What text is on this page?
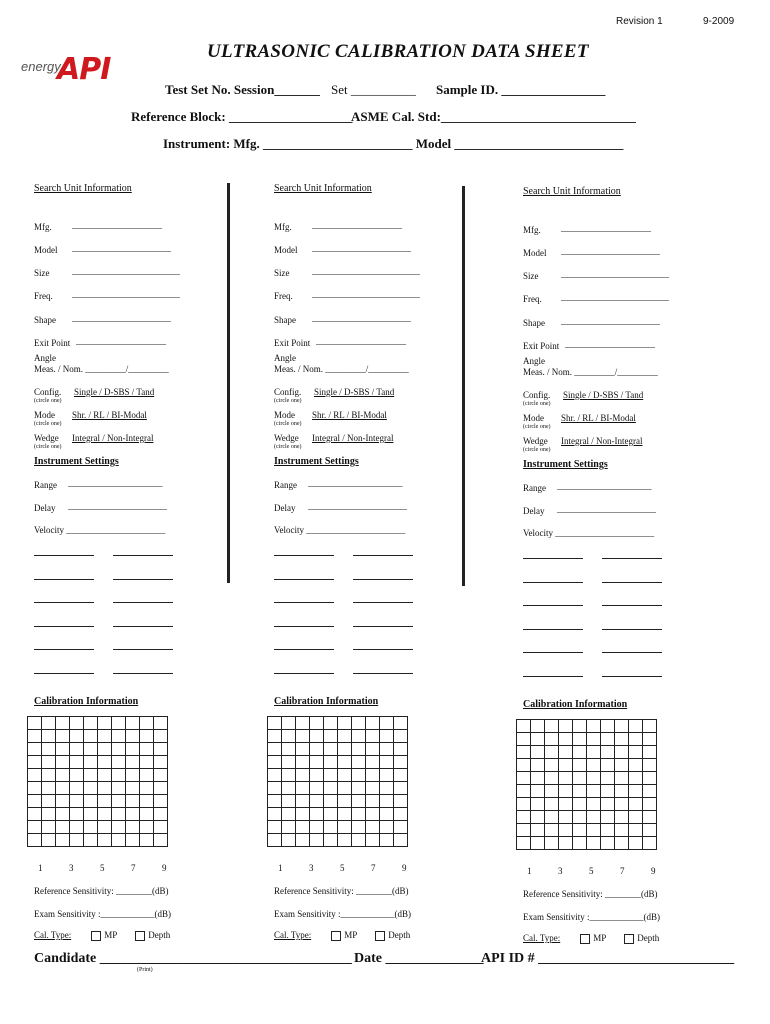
Revision 1	9-2009
energy
API
ULTRASONIC CALIBRATION DATA SHEET
Test Set No. Session_______ Set __________ Sample ID. ________________
Reference Block: ___________________
ASME Cal. Std:______________________________
Instrument: Mfg. _______________________ Model __________________________
Search Unit Information
Mfg. ____________________
Model ______________________
Size	________________________
Freq. ________________________
Shape ______________________
Exit Point ____________________
Angle
Meas. / Nom. _________/_________
Config. Single / D-SBS / Tand
(circle one)
Mode Shr. / RL / BI-Modal
(circle one)
Wedge Integral / Non-Integral
(circle one)
Instrument Settings
Range _____________________
Delay ______________________
Velocity ______________________
Calibration Information

1	3	5	7	9
Reference Sensitivity: ________(dB)
Exam Sensitivity :____________(dB)
Cal. Type:	MP	Depth
Search Unit Information
Mfg. ____________________
Model ______________________
Size	________________________
Freq. ________________________
Shape ______________________
Exit Point ____________________
Angle
Meas. / Nom. _________/_________
Config. Single / D-SBS / Tand
(circle one)
Mode Shr. / RL / BI-Modal
(circle one)
Wedge Integral / Non-Integral
(circle one)
Instrument Settings
Range _____________________
Delay ______________________
Velocity ______________________
Calibration Information

1	3	5	7	9
Reference Sensitivity: ________(dB)
Exam Sensitivity :____________(dB)
Cal. Type:	MP	Depth
Search Unit Information
Mfg. ____________________
Model ______________________
Size	________________________
Freq. ________________________
Shape ______________________
Exit Point ____________________
Angle
Meas. / Nom. _________/_________
Config. Single / D-SBS / Tand
(circle one)
Mode Shr. / RL / BI-Modal
(circle one)
Wedge Integral / Non-Integral
(circle one)
Instrument Settings
Range _____________________
Delay ______________________
Velocity ______________________
Calibration Information

1	3	5	7	9
Reference Sensitivity: ________(dB)
Exam Sensitivity :____________(dB)
Cal. Type:	MP	Depth
Candidate ____________________________________ Date ______________
API ID # ____________________________
(Print)
